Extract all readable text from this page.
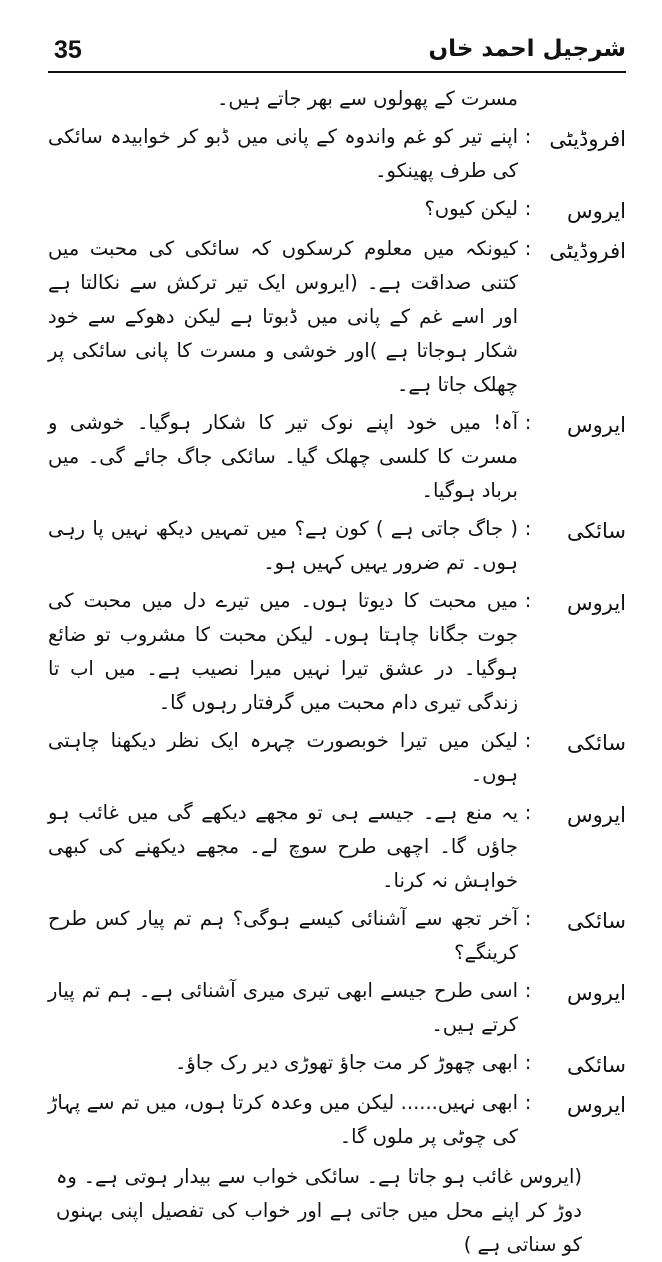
35	شرجیل احمد خاں
مسرت کے پھولوں سے بھر جاتے ہیں۔
افروڈیٹی
:
اپنے تیر کو غم واندوہ کے پانی میں ڈبو کر خوابیدہ سائکی کی طرف پھینکو۔
ایروس
:
لیکن کیوں؟
افروڈیٹی
:
کیونکہ میں معلوم کرسکوں کہ سائکی کی محبت میں کتنی صداقت ہے۔ (ایروس ایک تیر ترکش سے نکالتا ہے اور اسے غم کے پانی میں ڈبوتا ہے لیکن دھوکے سے خود شکار ہوجاتا ہے )اور خوشی و مسرت کا پانی سائکی پر چھلک جاتا ہے۔
ایروس
:
آہ! میں خود اپنے نوک تیر کا شکار ہوگیا۔ خوشی و مسرت کا کلسی چھلک گیا۔ سائکی جاگ جائے گی۔ میں برباد ہوگیا۔
سائکی
:
( جاگ جاتی ہے ) کون ہے؟ میں تمہیں دیکھ نہیں پا رہی ہوں۔ تم ضرور یہیں کہیں ہو۔
ایروس
:
میں محبت کا دیوتا ہوں۔ میں تیرے دل میں محبت کی جوت جگانا چاہتا ہوں۔ لیکن محبت کا مشروب تو ضائع ہوگیا۔ در عشق تیرا نہیں میرا نصیب ہے۔ میں اب تا زندگی تیری دام محبت میں گرفتار رہوں گا۔
سائکی
:
لیکن میں تیرا خوبصورت چہرہ ایک نظر دیکھنا چاہتی ہوں۔
ایروس
:
یہ منع ہے۔ جیسے ہی تو مجھے دیکھے گی میں غائب ہو جاؤں گا۔ اچھی طرح سوچ لے۔ مجھے دیکھنے کی کبھی خواہش نہ کرنا۔
سائکی
:
آخر تجھ سے آشنائی کیسے ہوگی؟ ہم تم پیار کس طرح کرینگے؟
ایروس
:
اسی طرح جیسے ابھی تیری میری آشنائی ہے۔ ہم تم پیار کرتے ہیں۔
سائکی
:
ابھی چھوڑ کر مت جاؤ تھوڑی دیر رک جاؤ۔
ایروس
:
ابھی نہیں...... لیکن میں وعدہ کرتا ہوں، میں تم سے پہاڑ کی چوٹی پر ملوں گا۔
(ایروس غائب ہو جاتا ہے۔ سائکی خواب سے بیدار ہوتی ہے۔ وہ دوڑ کر اپنے محل میں جاتی ہے اور خواب کی تفصیل اپنی بہنوں کو سناتی ہے )
